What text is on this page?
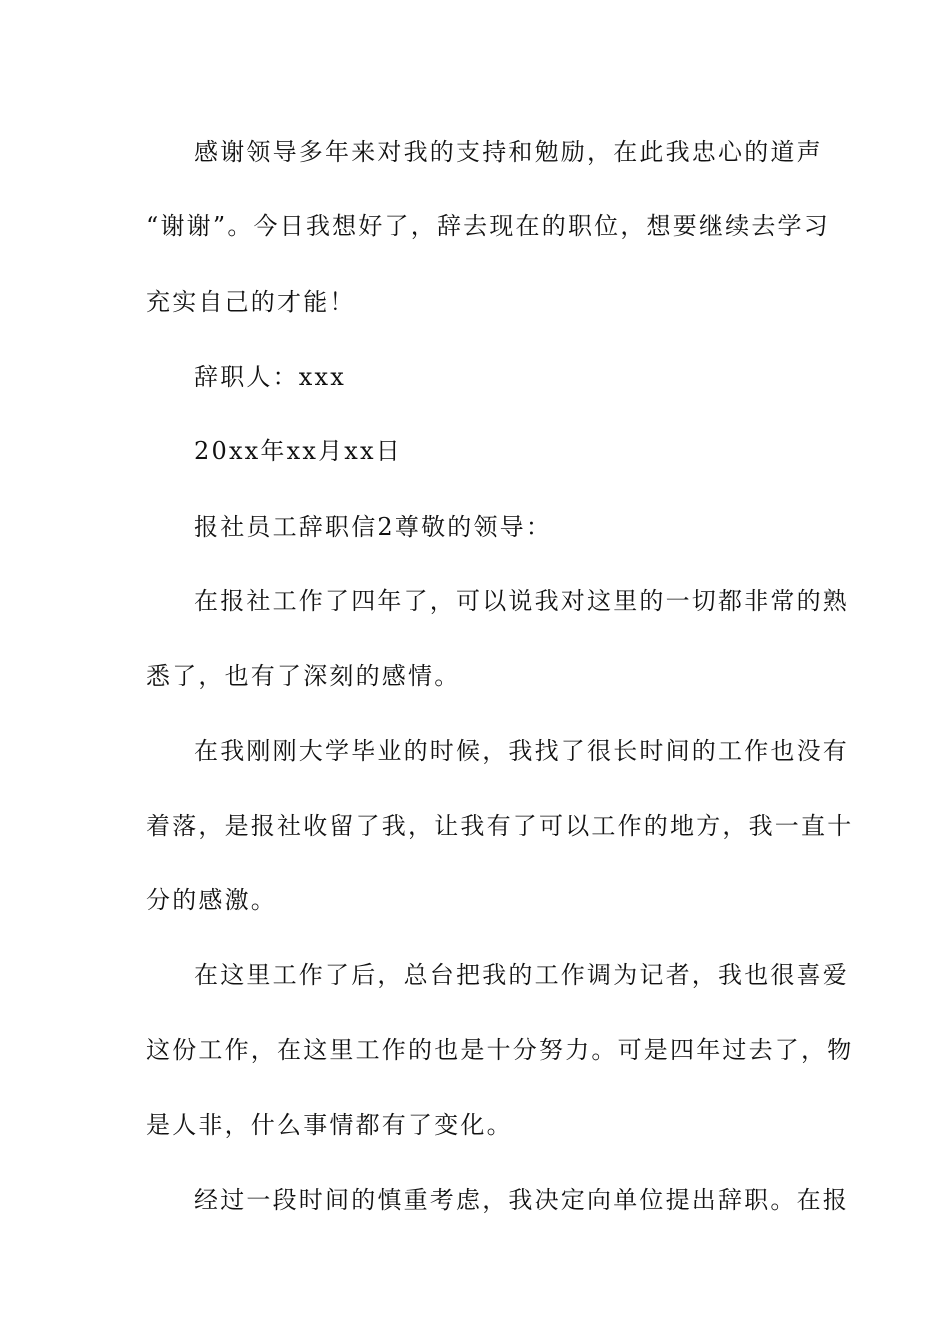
感谢领导多年来对我的支持和勉励，在此我忠心的道声
“谢谢”。今日我想好了，辞去现在的职位，想要继续去学习
充实自己的才能！
辞职人：xxx
20xx年xx月xx日
报社员工辞职信2尊敬的领导：
在报社工作了四年了，可以说我对这里的一切都非常的熟
悉了，也有了深刻的感情。
在我刚刚大学毕业的时候，我找了很长时间的工作也没有
着落，是报社收留了我，让我有了可以工作的地方，我一直十
分的感激。
在这里工作了后，总台把我的工作调为记者，我也很喜爱
这份工作，在这里工作的也是十分努力。可是四年过去了，物
是人非，什么事情都有了变化。
经过一段时间的慎重考虑，我决定向单位提出辞职。在报
